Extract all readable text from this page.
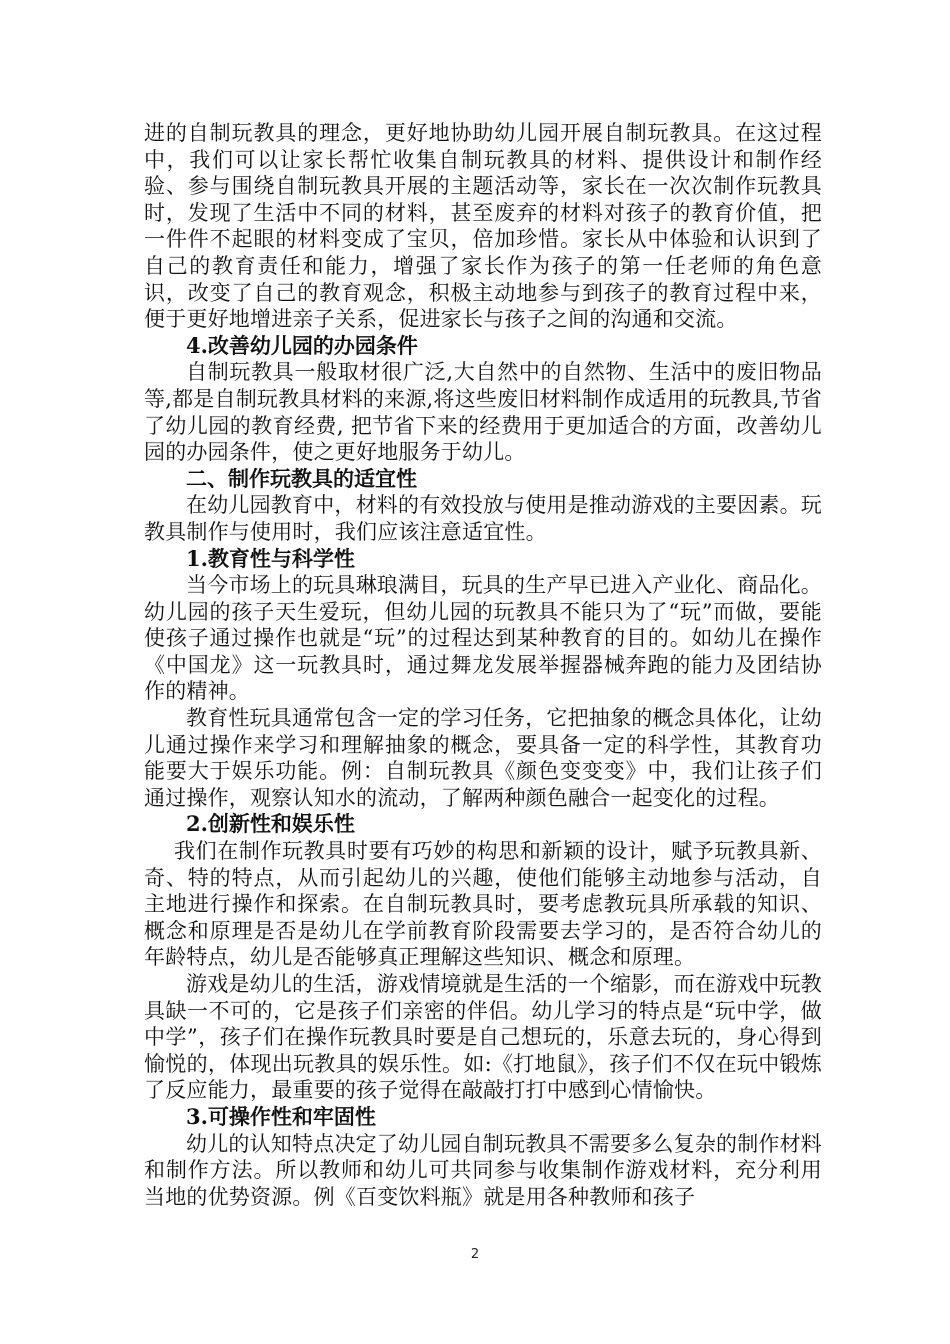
进的自制玩教具的理念，更好地协助幼儿园开展自制玩教具。在这过程中，我们可以让家长帮忙收集自制玩教具的材料、提供设计和制作经验、参与围绕自制玩教具开展的主题活动等，家长在一次次制作玩教具时，发现了生活中不同的材料，甚至废弃的材料对孩子的教育价值，把一件件不起眼的材料变成了宝贝，倍加珍惜。家长从中体验和认识到了自己的教育责任和能力，增强了家长作为孩子的第一任老师的角色意识，改变了自己的教育观念，积极主动地参与到孩子的教育过程中来，便于更好地增进亲子关系，促进家长与孩子之间的沟通和交流。

4.改善幼儿园的办园条件

自制玩教具一般取材很广泛,大自然中的自然物、生活中的废旧物品等,都是自制玩教具材料的来源,将这些废旧材料制作成适用的玩教具,节省了幼儿园的教育经费, 把节省下来的经费用于更加适合的方面，改善幼儿园的办园条件，使之更好地服务于幼儿。

二、制作玩教具的适宜性

在幼儿园教育中，材料的有效投放与使用是推动游戏的主要因素。玩教具制作与使用时，我们应该注意适宜性。

1.教育性与科学性

当今市场上的玩具琳琅满目，玩具的生产早已进入产业化、商品化。幼儿园的孩子天生爱玩，但幼儿园的玩教具不能只为了“玩”而做，要能使孩子通过操作也就是“玩”的过程达到某种教育的目的。如幼儿在操作《中国龙》这一玩教具时，通过舞龙发展举握器械奔跑的能力及团结协作的精神。

教育性玩具通常包含一定的学习任务，它把抽象的概念具体化，让幼儿通过操作来学习和理解抽象的概念，要具备一定的科学性，其教育功能要大于娱乐功能。例：自制玩教具《颜色变变变》中，我们让孩子们通过操作，观察认知水的流动，了解两种颜色融合一起变化的过程。

2.创新性和娱乐性

我们在制作玩教具时要有巧妙的构思和新颖的设计，赋予玩教具新、奇、特的特点，从而引起幼儿的兴趣，使他们能够主动地参与活动，自主地进行操作和探索。在自制玩教具时，要考虑教玩具所承载的知识、概念和原理是否是幼儿在学前教育阶段需要去学习的，是否符合幼儿的年龄特点，幼儿是否能够真正理解这些知识、概念和原理。

游戏是幼儿的生活，游戏情境就是生活的一个缩影，而在游戏中玩教具缺一不可的，它是孩子们亲密的伴侣。幼儿学习的特点是“玩中学，做中学”，孩子们在操作玩教具时要是自己想玩的，乐意去玩的，身心得到愉悦的，体现出玩教具的娱乐性。如:《打地鼠》，孩子们不仅在玩中锻炼了反应能力，最重要的孩子觉得在敲敲打打中感到心情愉快。

3.可操作性和牢固性

幼儿的认知特点决定了幼儿园自制玩教具不需要多么复杂的制作材料和制作方法。所以教师和幼儿可共同参与收集制作游戏材料，充分利用当地的优势资源。例《百变饮料瓶》就是用各种教师和孩子

2
